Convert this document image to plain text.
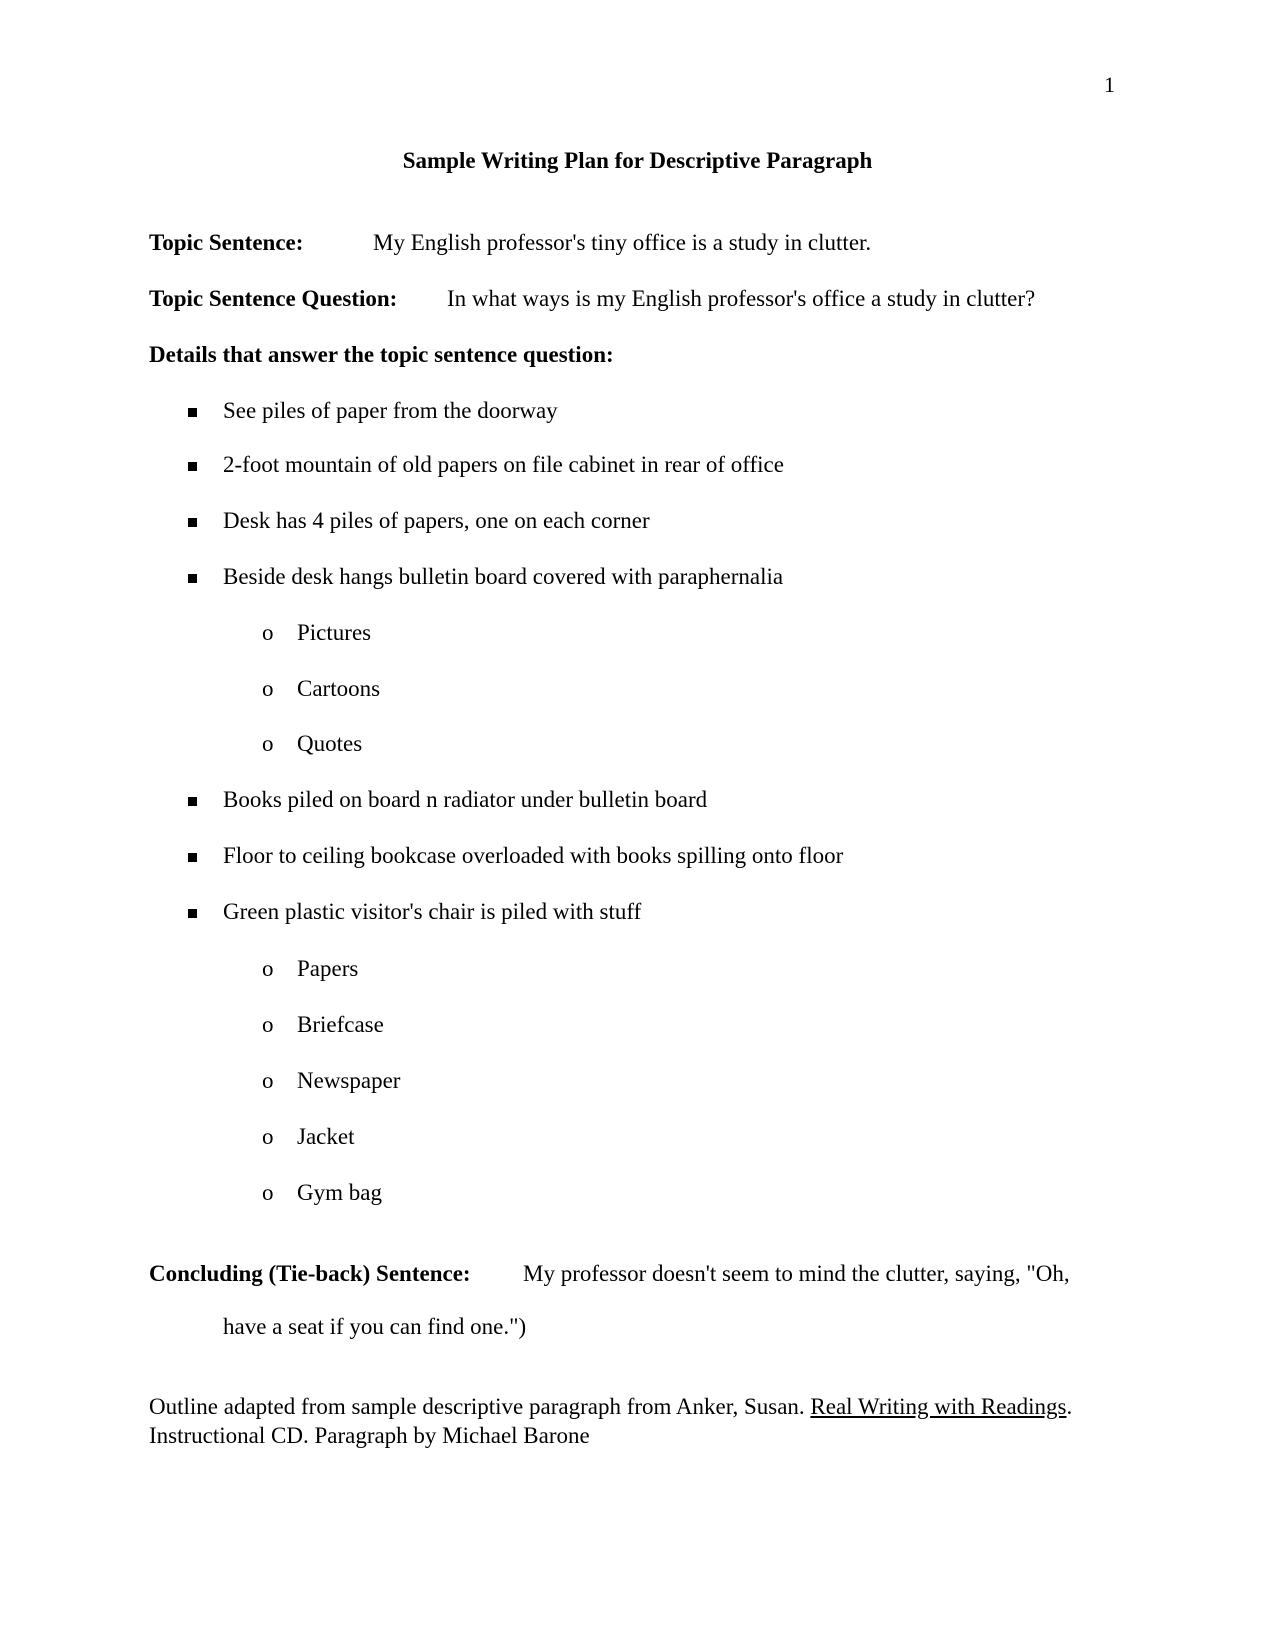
1
Sample Writing Plan for Descriptive Paragraph
Topic Sentence:	My English professor's tiny office is a study in clutter.
Topic Sentence Question: In what ways is my English professor's office a study in clutter?
Details that answer the topic sentence question:
See piles of paper from the doorway
2-foot mountain of old papers on file cabinet in rear of office
Desk has 4 piles of papers, one on each corner
Beside desk hangs bulletin board covered with paraphernalia
o Pictures
o Cartoons
o Quotes
Books piled on board n radiator under bulletin board
Floor to ceiling bookcase overloaded with books spilling onto floor
Green plastic visitor's chair is piled with stuff
o Papers
o Briefcase
o Newspaper
o Jacket
o Gym bag
Concluding (Tie-back) Sentence: My professor doesn't seem to mind the clutter, saying, "Oh,
have a seat if you can find one.")
Outline adapted from sample descriptive paragraph from Anker, Susan. Real Writing with Readings. Instructional CD. Paragraph by Michael Barone
